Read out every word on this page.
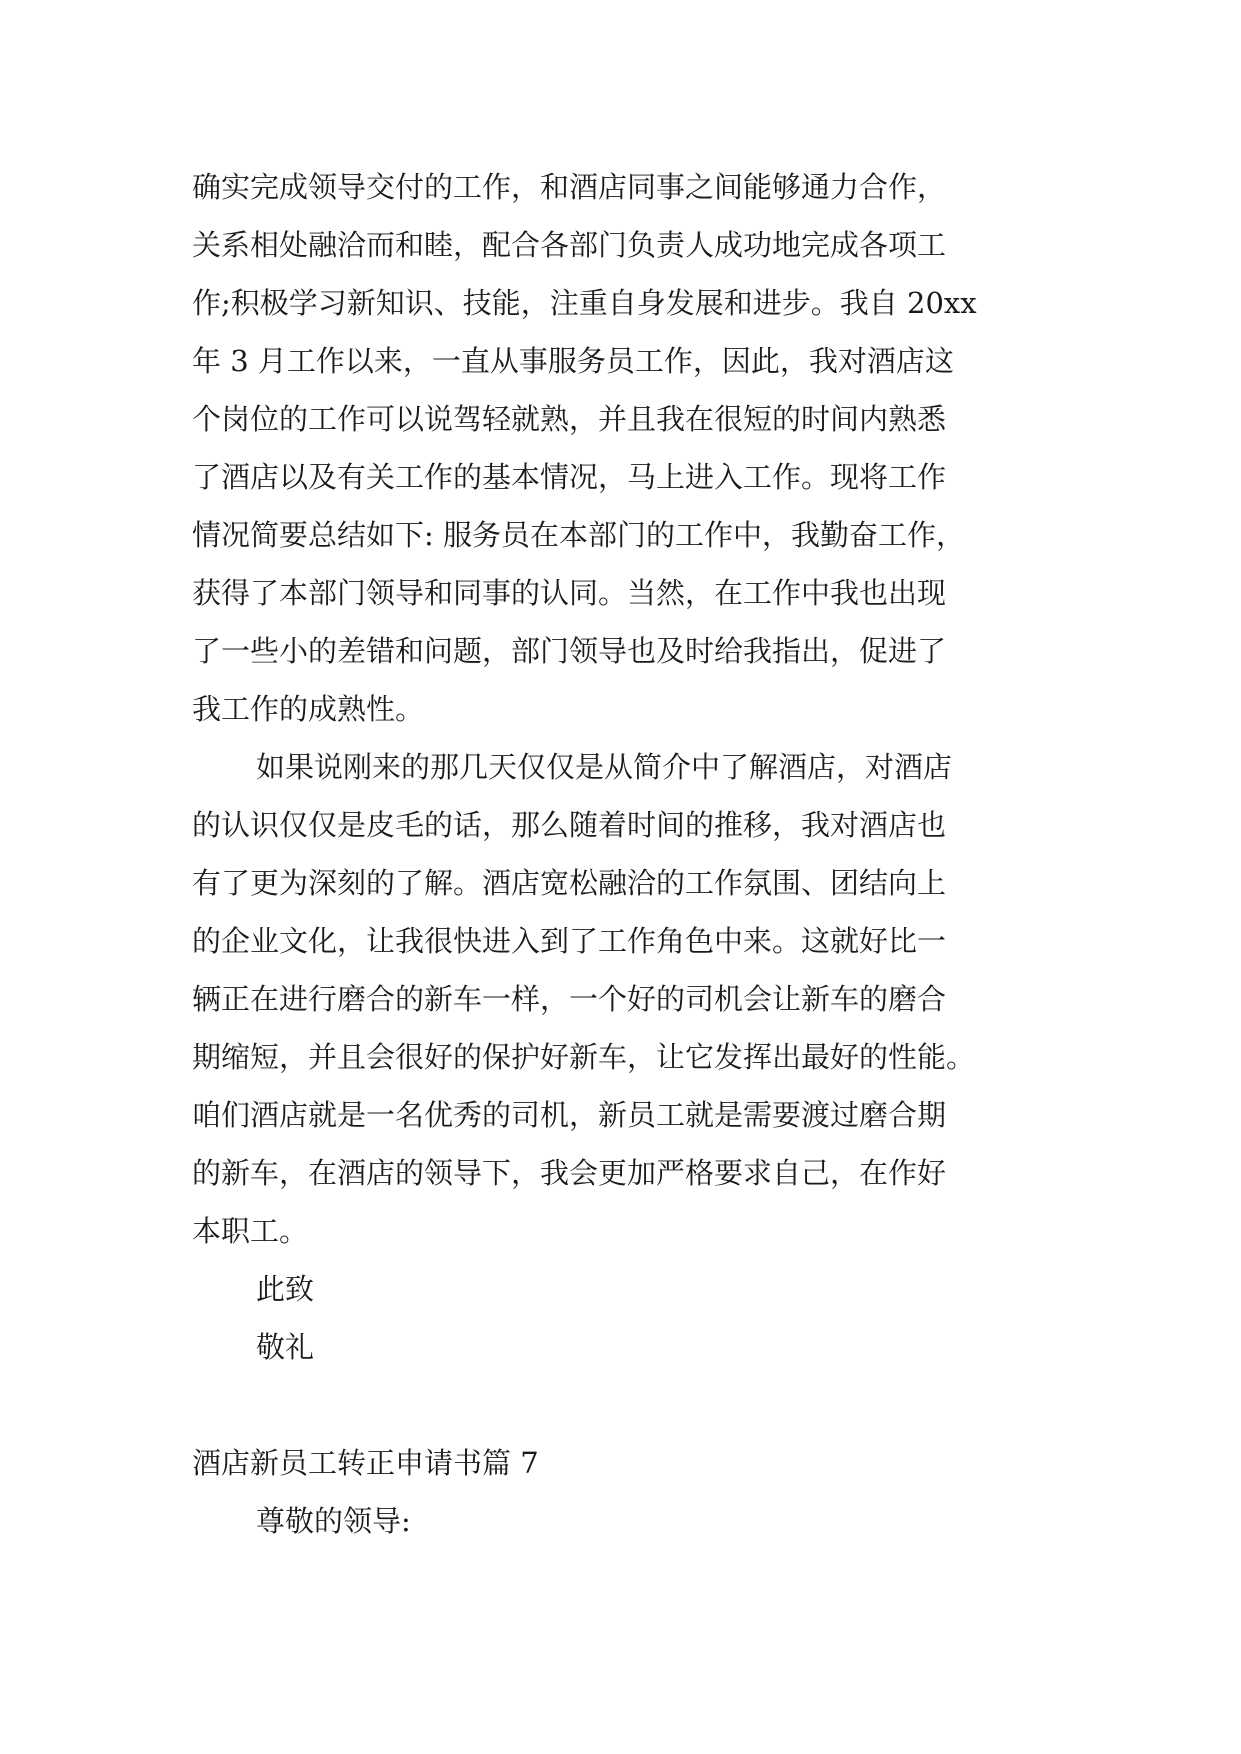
确实完成领导交付的工作，和酒店同事之间能够通力合作，
关系相处融洽而和睦，配合各部门负责人成功地完成各项工
作;积极学习新知识、技能，注重自身发展和进步。我自 20xx
年 3 月工作以来，一直从事服务员工作，因此，我对酒店这
个岗位的工作可以说驾轻就熟，并且我在很短的时间内熟悉
了酒店以及有关工作的基本情况，马上进入工作。现将工作
情况简要总结如下: 服务员在本部门的工作中，我勤奋工作，
获得了本部门领导和同事的认同。当然，在工作中我也出现
了一些小的差错和问题，部门领导也及时给我指出，促进了
我工作的成熟性。
如果说刚来的那几天仅仅是从简介中了解酒店，对酒店
的认识仅仅是皮毛的话，那么随着时间的推移，我对酒店也
有了更为深刻的了解。酒店宽松融洽的工作氛围、团结向上
的企业文化，让我很快进入到了工作角色中来。这就好比一
辆正在进行磨合的新车一样，一个好的司机会让新车的磨合
期缩短，并且会很好的保护好新车，让它发挥出最好的性能。
咱们酒店就是一名优秀的司机，新员工就是需要渡过磨合期
的新车，在酒店的领导下，我会更加严格要求自己，在作好
本职工。
此致
敬礼
酒店新员工转正申请书篇 7
尊敬的领导:
